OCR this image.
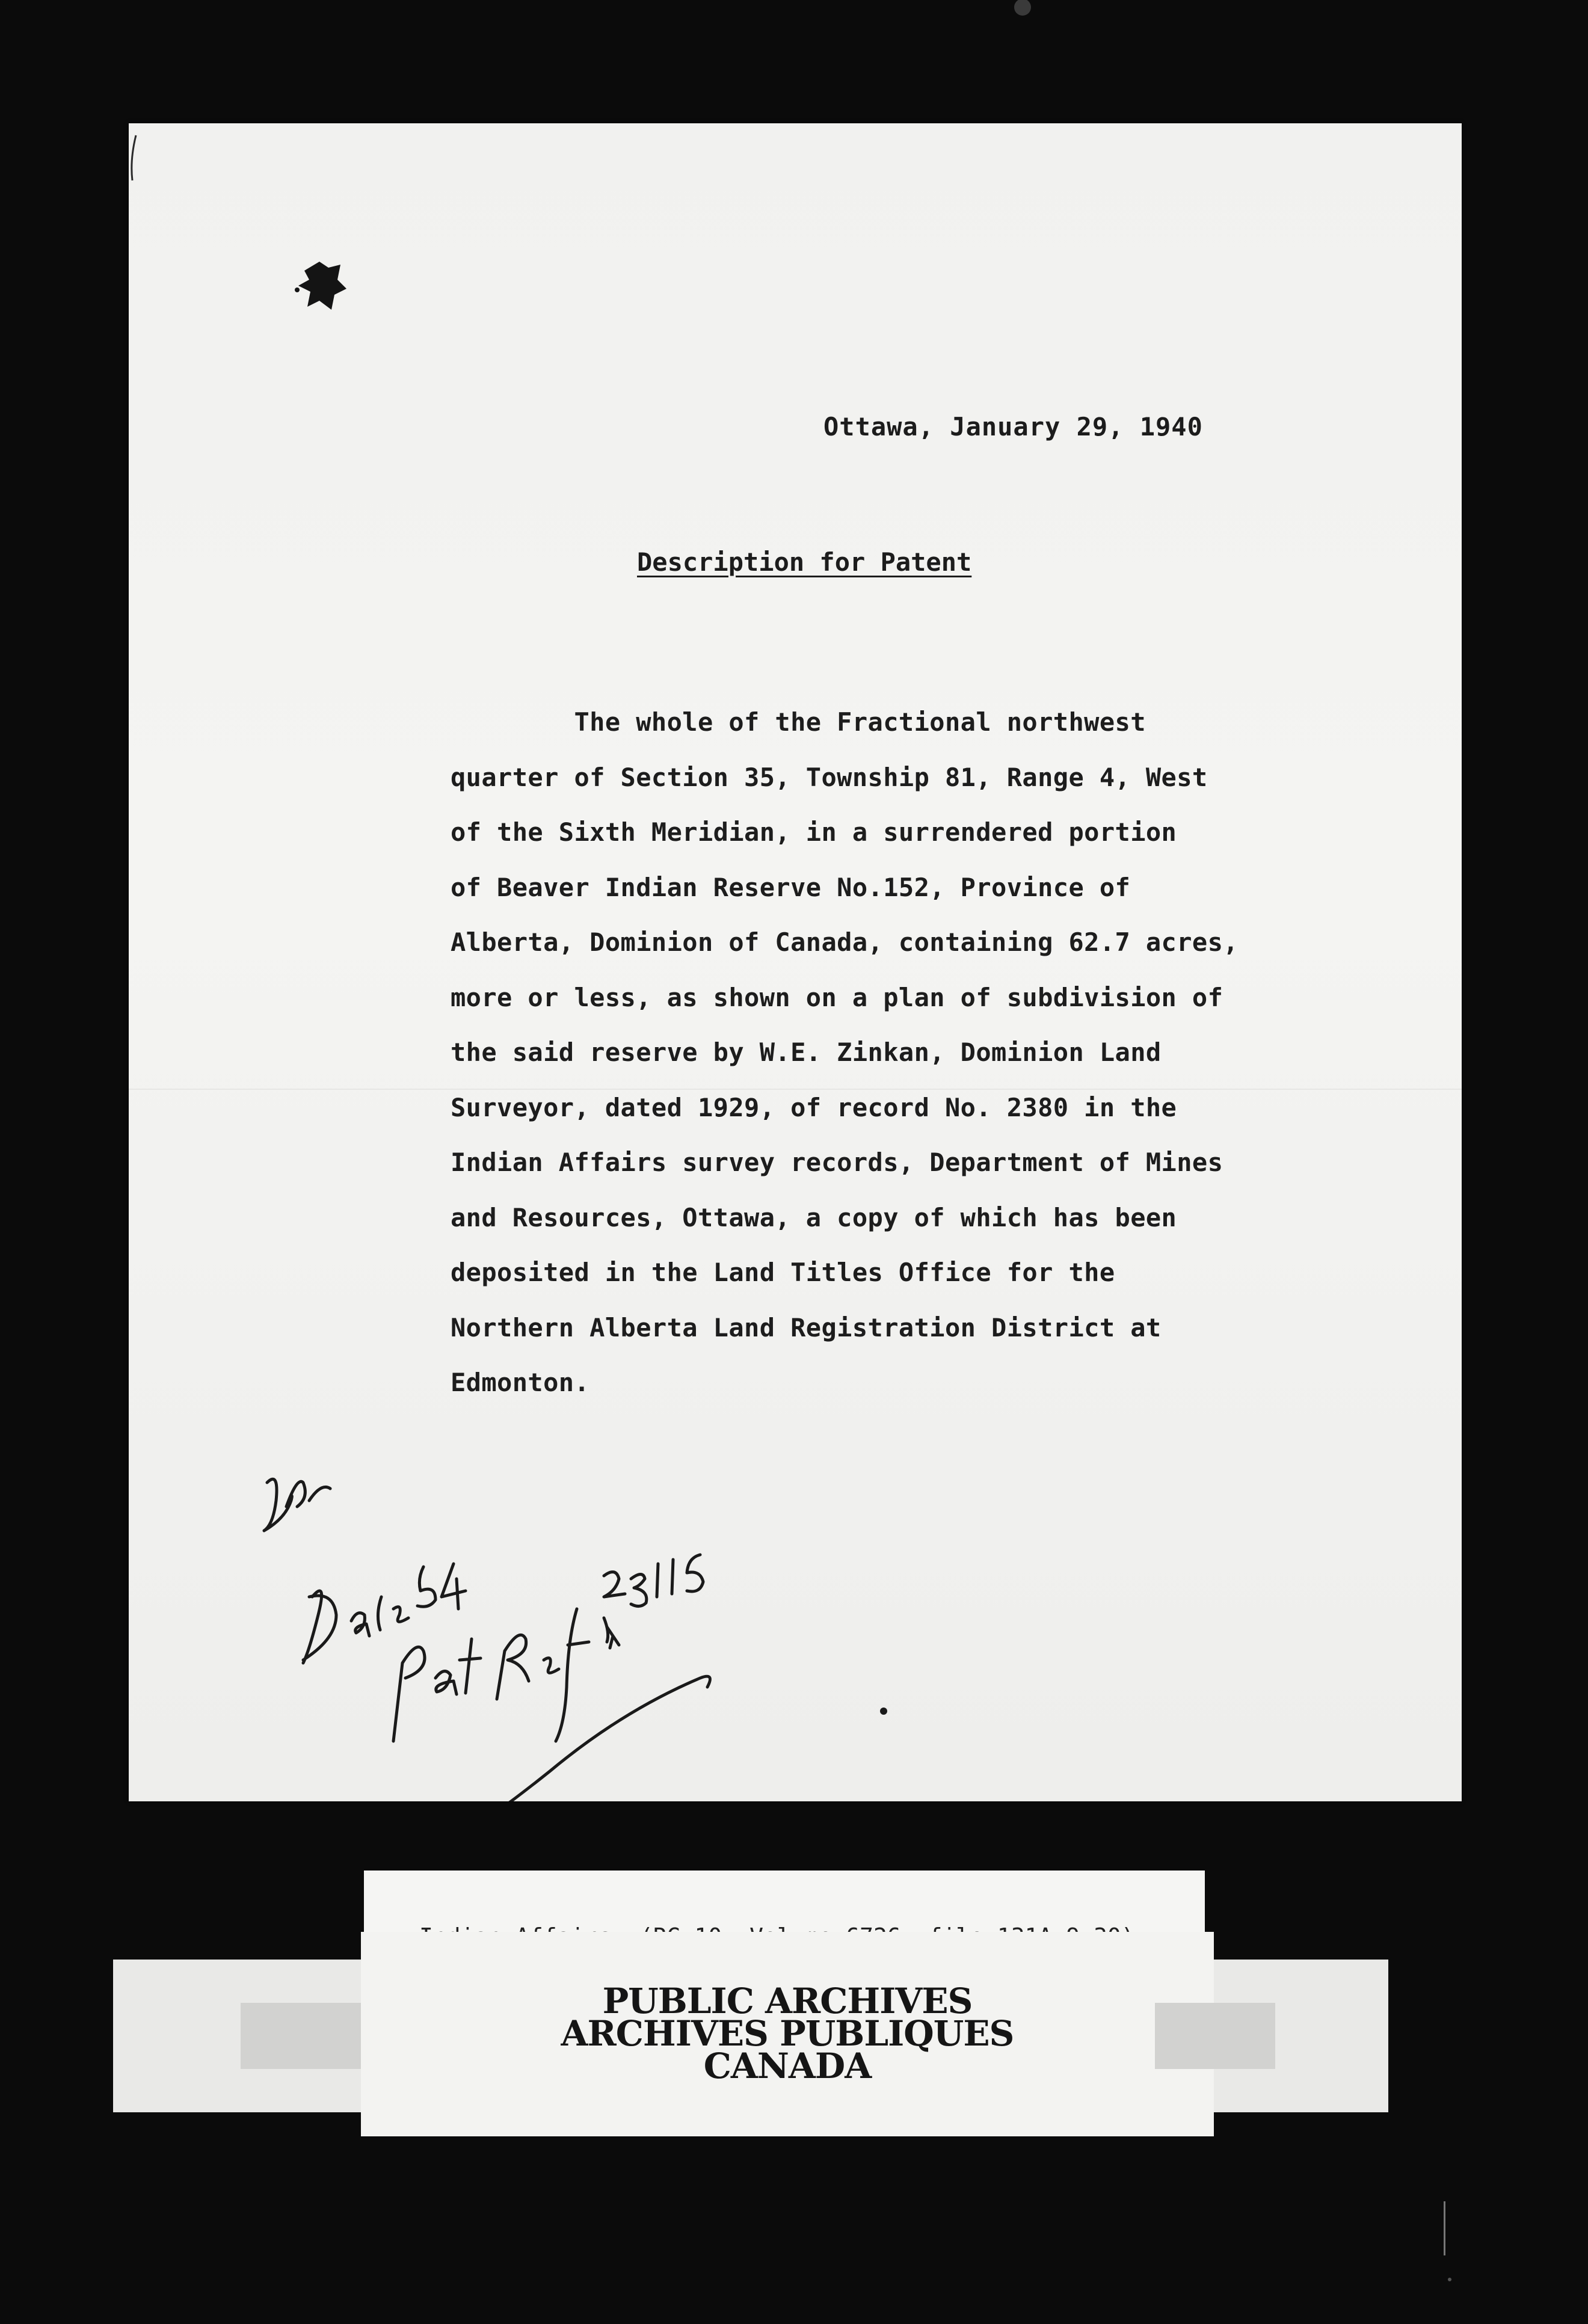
Ottawa, January 29, 1940
Description for Patent
The whole of the Fractional northwest
quarter of Section 35, Township 81, Range 4, West
of the Sixth Meridian, in a surrendered portion
of Beaver Indian Reserve No.152, Province of
Alberta, Dominion of Canada, containing 62.7 acres,
more or less, as shown on a plan of subdivision of
the said reserve by W.E. Zinkan, Dominion Land
Surveyor, dated 1929, of record No. 2380 in the
Indian Affairs survey records, Department of Mines
and Resources, Ottawa, a copy of which has been
deposited in the Land Titles Office for the
Northern Alberta Land Registration District at
Edmonton.
PUBLIC ARCHIVES
ARCHIVES PUBLIQUES
CANADA
